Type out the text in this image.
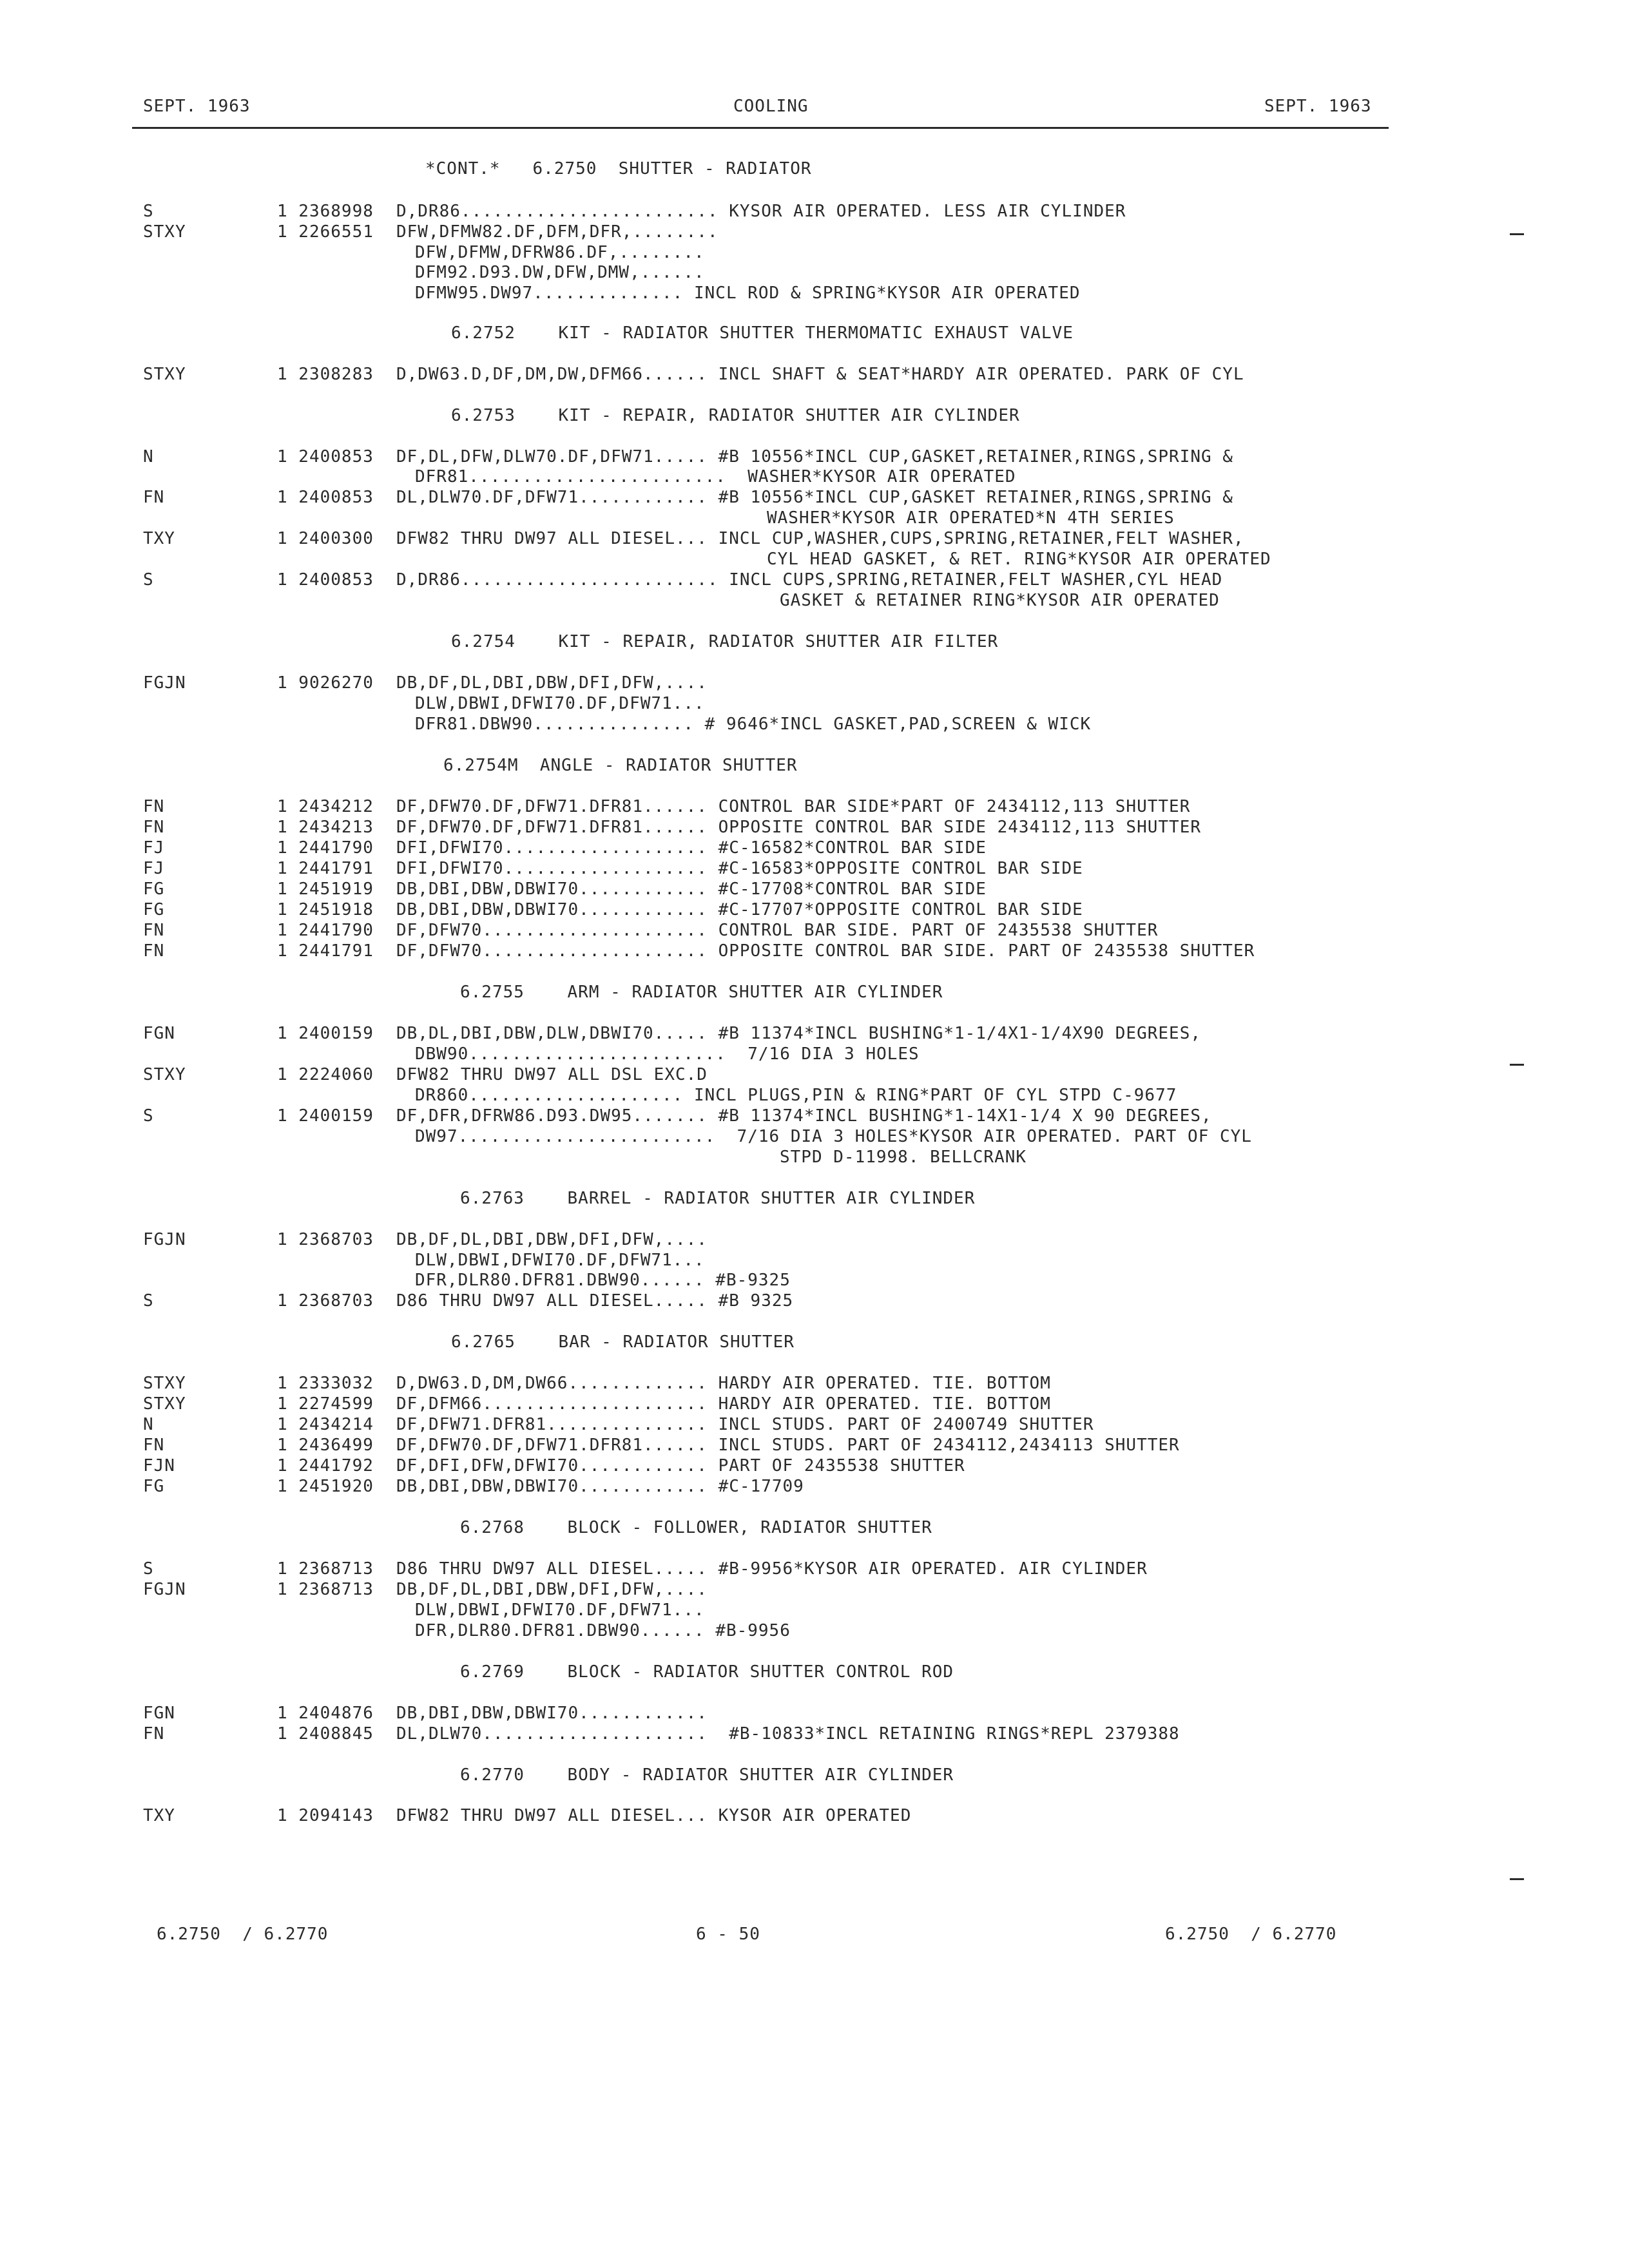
SEPT. 1963	COOLING	SEPT. 1963
*CONT.*   6.2750  SHUTTER - RADIATOR
S	1 2368998 D,DR86........................ KYSOR AIR OPERATED. LESS AIR CYLINDER
STXY	1 2266551 DFW,DFMW82.DF,DFM,DFR,........
DFW,DFMW,DFRW86.DF,........
DFM92.D93.DW,DFW,DMW,......
DFMW95.DW97.............. INCL ROD & SPRING*KYSOR AIR OPERATED
6.2752    KIT - RADIATOR SHUTTER THERMOMATIC EXHAUST VALVE
STXY	1 2308283 D,DW63.D,DF,DM,DW,DFM66...... INCL SHAFT & SEAT*HARDY AIR OPERATED. PARK OF CYL
6.2753    KIT - REPAIR, RADIATOR SHUTTER AIR CYLINDER
N	1 2400853 DF,DL,DFW,DLW70.DF,DFW71..... #B 10556*INCL CUP,GASKET,RETAINER,RINGS,SPRING &
DFR81........................  WASHER*KYSOR AIR OPERATED
FN	1 2400853 DL,DLW70.DF,DFW71............ #B 10556*INCL CUP,GASKET RETAINER,RINGS,SPRING &
WASHER*KYSOR AIR OPERATED*N 4TH SERIES
TXY	1 2400300 DFW82 THRU DW97 ALL DIESEL... INCL CUP,WASHER,CUPS,SPRING,RETAINER,FELT WASHER,
CYL HEAD GASKET, & RET. RING*KYSOR AIR OPERATED
S	1 2400853 D,DR86........................ INCL CUPS,SPRING,RETAINER,FELT WASHER,CYL HEAD
GASKET & RETAINER RING*KYSOR AIR OPERATED
6.2754    KIT - REPAIR, RADIATOR SHUTTER AIR FILTER
FGJN	1 9026270 DB,DF,DL,DBI,DBW,DFI,DFW,....
DLW,DBWI,DFWI70.DF,DFW71...
DFR81.DBW90............... # 9646*INCL GASKET,PAD,SCREEN & WICK
6.2754M  ANGLE - RADIATOR SHUTTER
FN	1 2434212 DF,DFW70.DF,DFW71.DFR81...... CONTROL BAR SIDE*PART OF 2434112,113 SHUTTER
FN	1 2434213 DF,DFW70.DF,DFW71.DFR81...... OPPOSITE CONTROL BAR SIDE 2434112,113 SHUTTER
FJ	1 2441790 DFI,DFWI70................... #C-16582*CONTROL BAR SIDE
FJ	1 2441791 DFI,DFWI70................... #C-16583*OPPOSITE CONTROL BAR SIDE
FG	1 2451919 DB,DBI,DBW,DBWI70............ #C-17708*CONTROL BAR SIDE
FG	1 2451918 DB,DBI,DBW,DBWI70............ #C-17707*OPPOSITE CONTROL BAR SIDE
FN	1 2441790 DF,DFW70..................... CONTROL BAR SIDE. PART OF 2435538 SHUTTER
FN	1 2441791 DF,DFW70..................... OPPOSITE CONTROL BAR SIDE. PART OF 2435538 SHUTTER
6.2755    ARM - RADIATOR SHUTTER AIR CYLINDER
FGN	1 2400159 DB,DL,DBI,DBW,DLW,DBWI70..... #B 11374*INCL BUSHING*1-1/4X1-1/4X90 DEGREES,
DBW90........................  7/16 DIA 3 HOLES
STXY	1 2224060 DFW82 THRU DW97 ALL DSL EXC.D
DR860.................... INCL PLUGS,PIN & RING*PART OF CYL STPD C-9677
S	1 2400159 DF,DFR,DFRW86.D93.DW95....... #B 11374*INCL BUSHING*1-14X1-1/4 X 90 DEGREES,
DW97........................  7/16 DIA 3 HOLES*KYSOR AIR OPERATED. PART OF CYL
STPD D-11998. BELLCRANK
6.2763    BARREL - RADIATOR SHUTTER AIR CYLINDER
FGJN	1 2368703 DB,DF,DL,DBI,DBW,DFI,DFW,....
DLW,DBWI,DFWI70.DF,DFW71...
DFR,DLR80.DFR81.DBW90...... #B-9325
S	1 2368703 D86 THRU DW97 ALL DIESEL..... #B 9325
6.2765    BAR - RADIATOR SHUTTER
STXY	1 2333032 D,DW63.D,DM,DW66............. HARDY AIR OPERATED. TIE. BOTTOM
STXY	1 2274599 DF,DFM66..................... HARDY AIR OPERATED. TIE. BOTTOM
N	1 2434214 DF,DFW71.DFR81............... INCL STUDS. PART OF 2400749 SHUTTER
FN	1 2436499 DF,DFW70.DF,DFW71.DFR81...... INCL STUDS. PART OF 2434112,2434113 SHUTTER
FJN	1 2441792 DF,DFI,DFW,DFWI70............ PART OF 2435538 SHUTTER
FG	1 2451920 DB,DBI,DBW,DBWI70............ #C-17709
6.2768    BLOCK - FOLLOWER, RADIATOR SHUTTER
S	1 2368713 D86 THRU DW97 ALL DIESEL..... #B-9956*KYSOR AIR OPERATED. AIR CYLINDER
FGJN	1 2368713 DB,DF,DL,DBI,DBW,DFI,DFW,....
DLW,DBWI,DFWI70.DF,DFW71...
DFR,DLR80.DFR81.DBW90...... #B-9956
6.2769    BLOCK - RADIATOR SHUTTER CONTROL ROD
FGN	1 2404876 DB,DBI,DBW,DBWI70............
FN	1 2408845 DL,DLW70.....................  #B-10833*INCL RETAINING RINGS*REPL 2379388
6.2770    BODY - RADIATOR SHUTTER AIR CYLINDER
TXY	1 2094143 DFW82 THRU DW97 ALL DIESEL... KYSOR AIR OPERATED
6.2750  / 6.2770	6 - 50	6.2750  / 6.2770
